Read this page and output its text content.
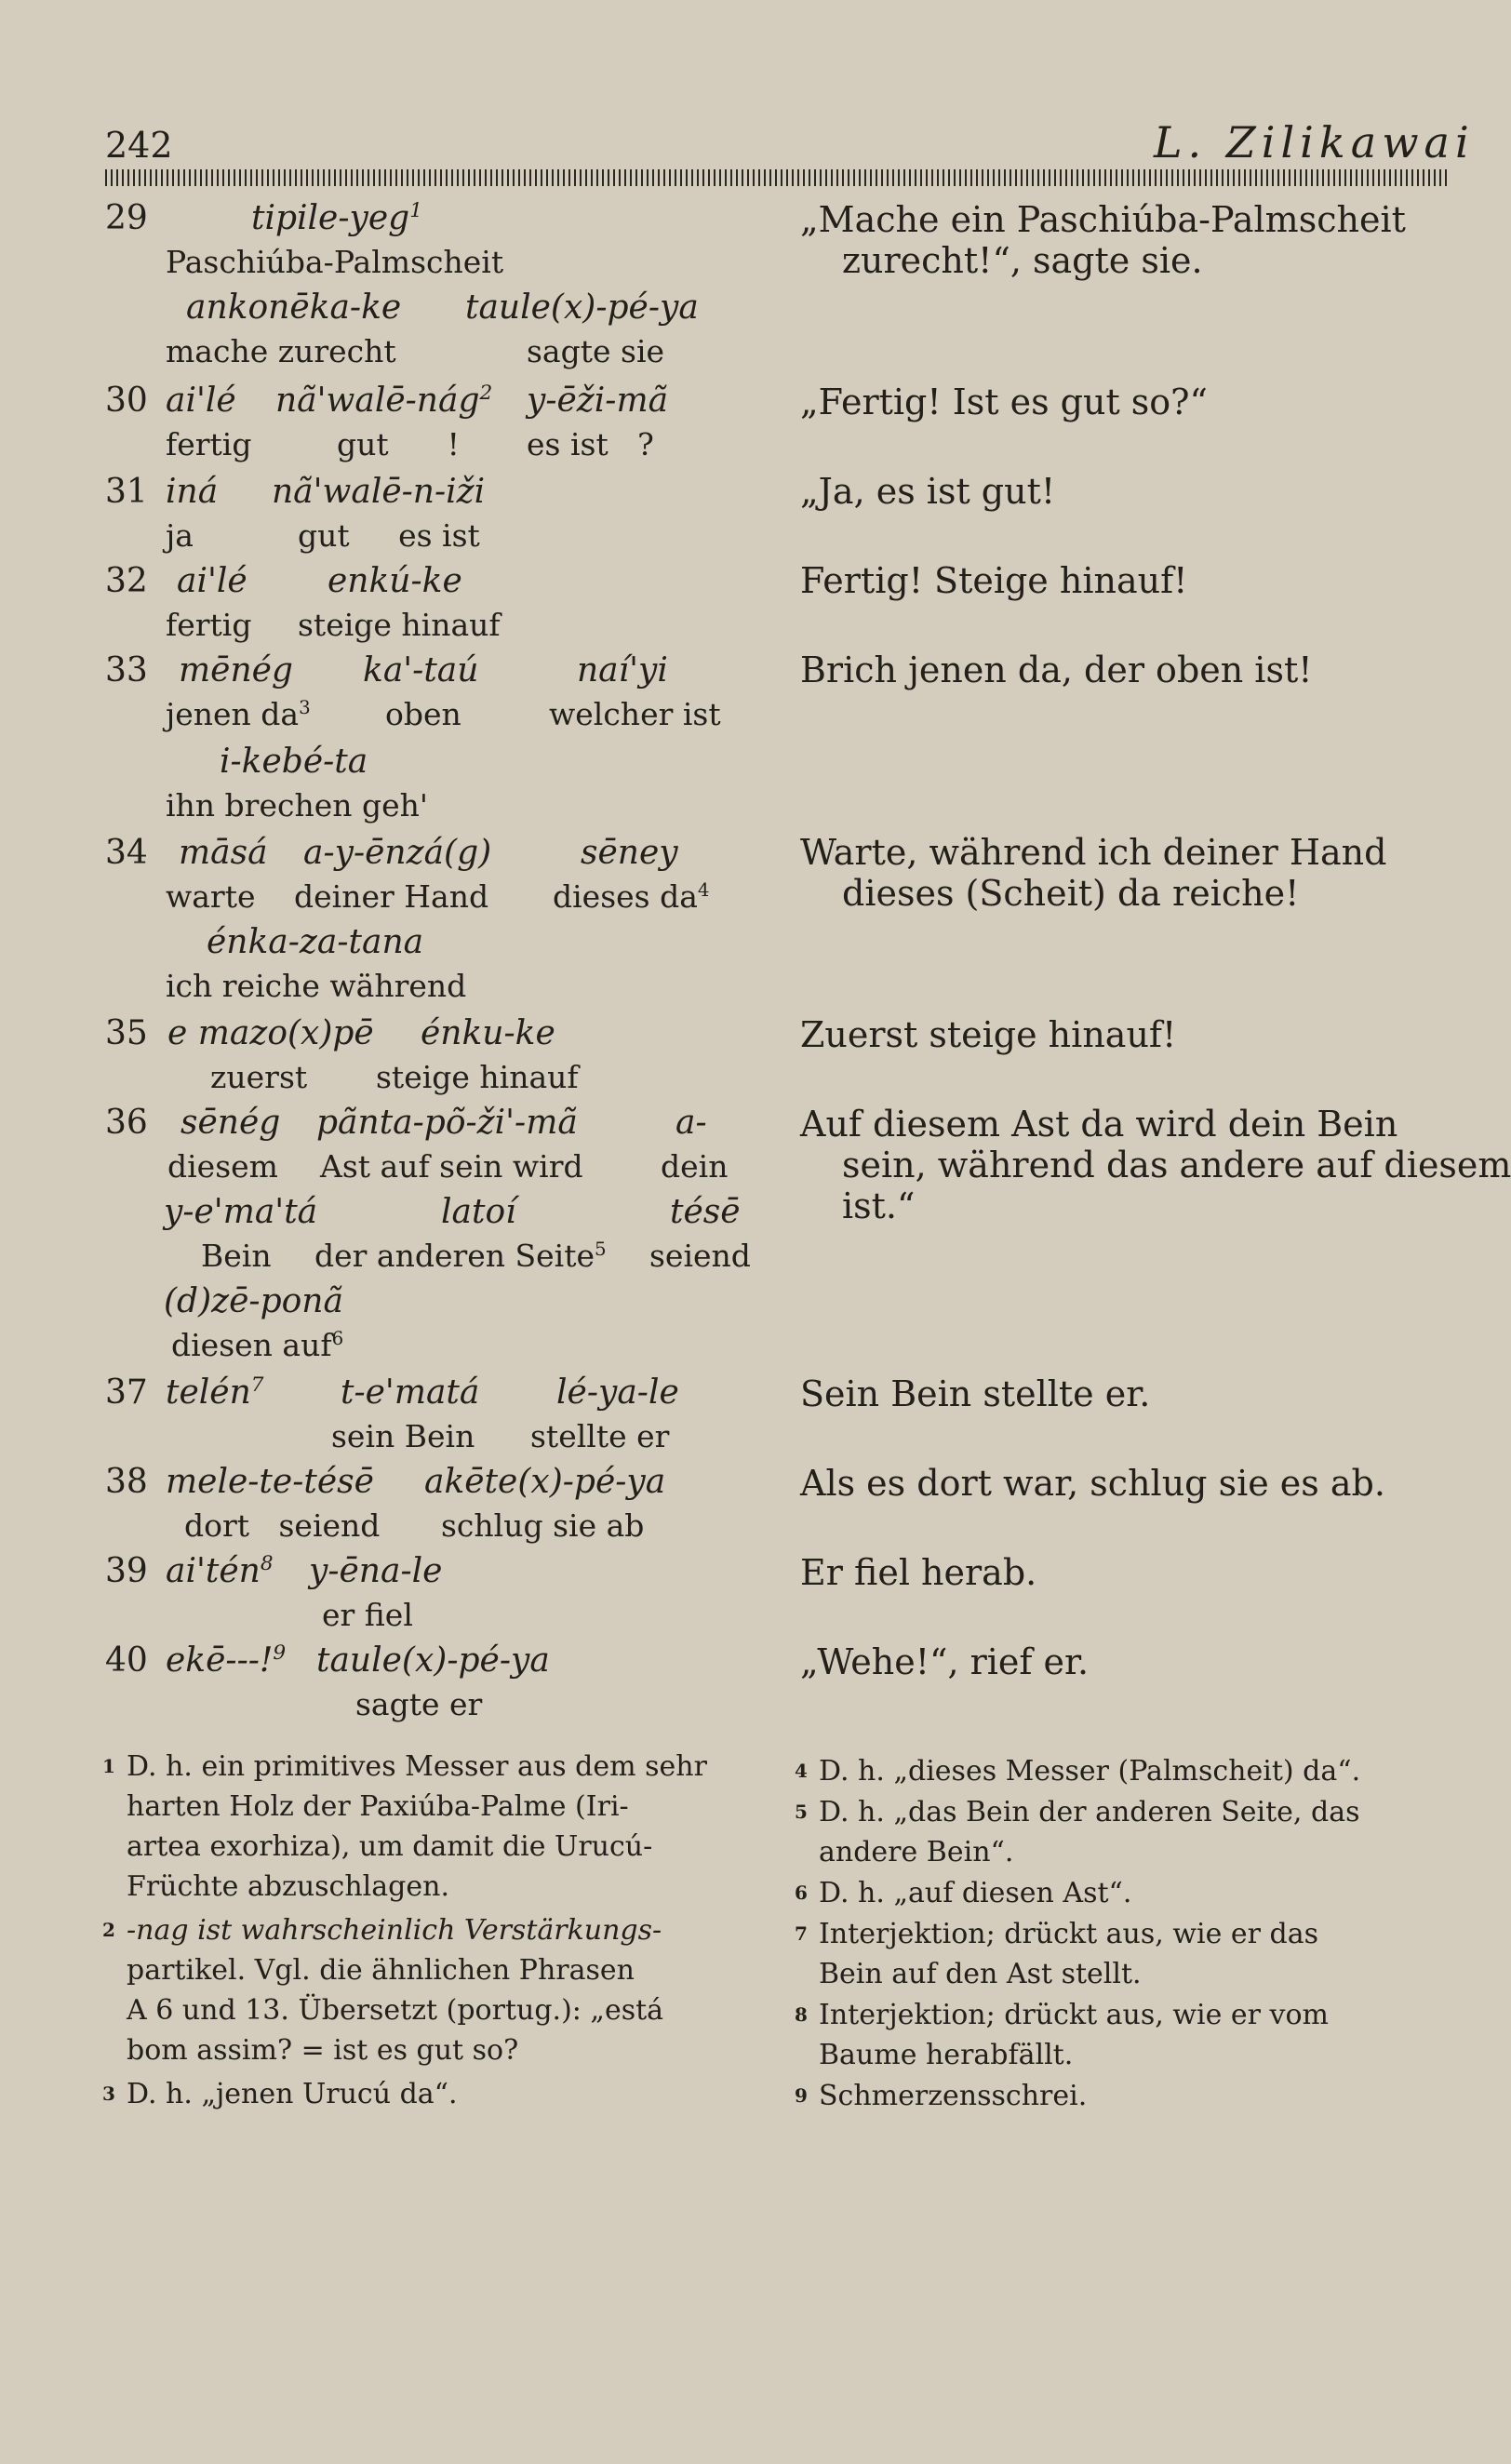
242	L. Zilikawai
29	tipile-yeg$^1$
Paschiúba-Palmscheit
ankonēka-ke
mache zurecht
taule(x)-pé-ya
sagte sie
„Mache ein Paschiúba-Palmscheit
zurecht!“, sagte sie.
30 ai'lé
fertig
nã'walē-nág$^2$
gut      !
y-ēži-mã
es ist   ?
„Fertig! Ist es gut so?“
31 iná
ja
nã'walē-n-iži
gut     es ist
„Ja, es ist gut!
32 ai'lé
fertig
enkú-ke
steige hinauf
Fertig! Steige hinauf!
33 mēnég
jenen $da^3$
ka'-taú
oben
naí'yi
welcher ist
i-kebé-ta
ihn brechen geh'
Brich jenen da, der oben ist!
34 māsá
warte
a-y-ēnzá(g)
deiner Hand
sēney
dieses $da^4$
énka-za-tana
ich reiche während
Warte, während ich deiner Hand
dieses (Scheit) da reiche!
35 e mazo(x)pē
zuerst
énku-ke
steige hinauf
Zuerst steige hinauf!
36 sēnég
diesem
pãnta-põ-ži'-mã
Ast auf sein wird
a-
dein
y-e'ma'tá
Bein
latoí
der anderen Seite$^5$
tésē
seiend
(d)zē-ponã
diesen auf$^6$
Auf diesem Ast da wird dein Bein
sein, während das andere auf diesem
ist.“
37 telén$^7$ t-e'matá
sein Bein
lé-ya-le
stellte er
Sein Bein stellte er.
38 mele-te-tésē
dort   seiend
akēte(x)-pé-ya
schlug sie ab
Als es dort war, schlug sie es ab.
39 ai'tén$^8$ y-ēna-le
er fiel
Er fiel herab.
40 ekē---!$^9$ taule(x)-pé-ya
sagte er
„Wehe!“, rief er.
$^1$ D. h. ein primitives Messer aus dem sehr
harten Holz der Paxiúba-Palme (Iri-
artea exorhiza), um damit die Urucú-
Früchte abzuschlagen.
$^2$ -nag ist wahrscheinlich Verstärkungs-
partikel. Vgl. die ähnlichen Phrasen
A 6 und 13. Übersetzt (portug.): „está
bom assim? = ist es gut so?
$^3$ D. h. „jenen Urucú da“.
$^4$ D. h. „dieses Messer (Palmscheit) da“.
$^5$ D. h. „das Bein der anderen Seite, das
andere Bein“.
$^6$ D. h. „auf diesen Ast“.
$^7$ Interjektion; drückt aus, wie er das
Bein auf den Ast stellt.
$^8$ Interjektion; drückt aus, wie er vom
Baume herabfällt.
$^9$ Schmerzensschrei.
